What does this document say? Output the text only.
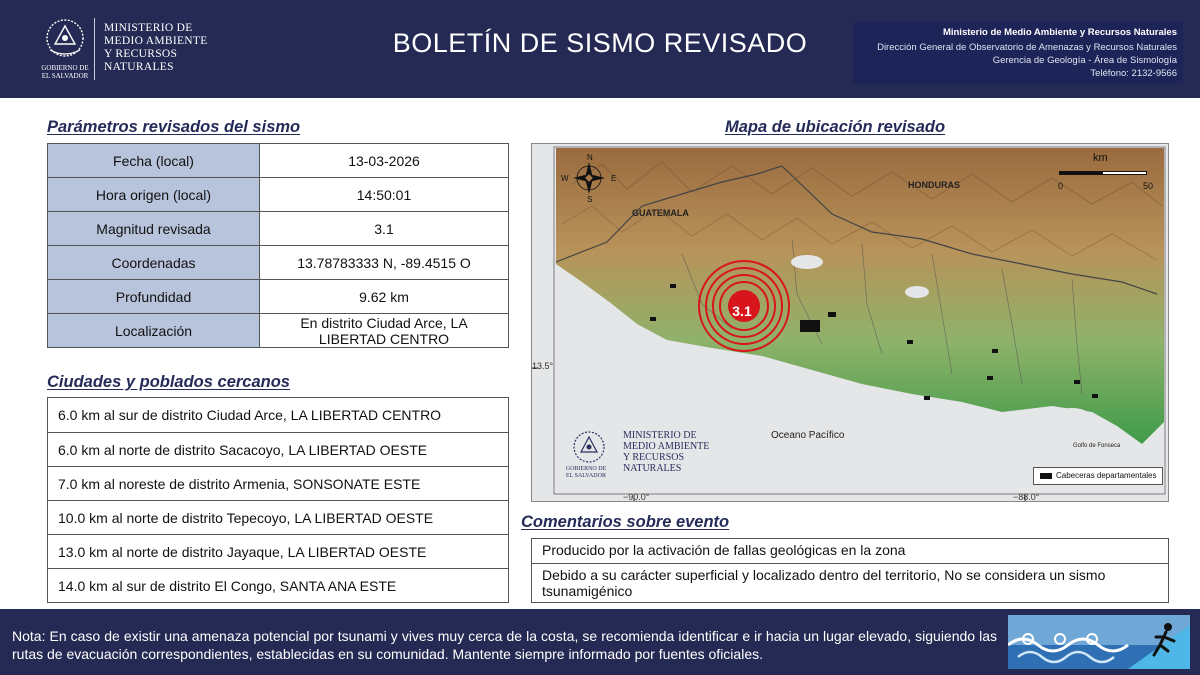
GOBIERNO DE
EL SALVADOR
MINISTERIO DE
MEDIO AMBIENTE
Y RECURSOS
NATURALES
BOLETÍN DE SISMO REVISADO	Ministerio de Medio Ambiente y Recursos Naturales
Dirección General de Observatorio de Amenazas y Recursos Naturales
Gerencia de Geología - Área de Sismología
Teléfono: 2132-9566
Parámetros revisados del sismo
Fecha (local)	13-03-2026
Hora origen (local)	14:50:01
Magnitud revisada	3.1
Coordenadas	13.78783333 N, -89.4515 O
Profundidad	9.62 km
Localización	En distrito Ciudad Arce, LA LIBERTAD CENTRO
Ciudades y poblados cercanos
6.0 km al sur de distrito Ciudad Arce, LA LIBERTAD CENTRO
6.0 km al norte de distrito Sacacoyo, LA LIBERTAD OESTE
7.0 km al noreste de distrito Armenia, SONSONATE ESTE
10.0 km al norte de distrito Tepecoyo, LA LIBERTAD OESTE
13.0 km al norte de distrito Jayaque, LA LIBERTAD OESTE
14.0 km al sur de distrito El Congo, SANTA ANA ESTE
Mapa de ubicación revisado
N
S
E
W
GUATEMALA
HONDURAS
3.1
Oceano Pacífico
Golfo de Fonseca
13.5°
−90.0°	−88.0°
km
0	50
Cabeceras departamentales
MINISTERIO DE
MEDIO AMBIENTE
Y RECURSOS
NATURALES
GOBIERNO DE
EL SALVADOR
Comentarios sobre evento
Producido por la activación de fallas geológicas en la zona
Debido a su carácter superficial y localizado dentro del territorio, No se considera un sismo tsunamigénico
Nota: En caso de existir una amenaza potencial por tsunami y vives muy cerca de la costa, se recomienda identificar e ir hacia un lugar elevado, siguiendo las rutas de evacuación correspondientes, establecidas en su comunidad. Mantente siempre informado por fuentes oficiales.
